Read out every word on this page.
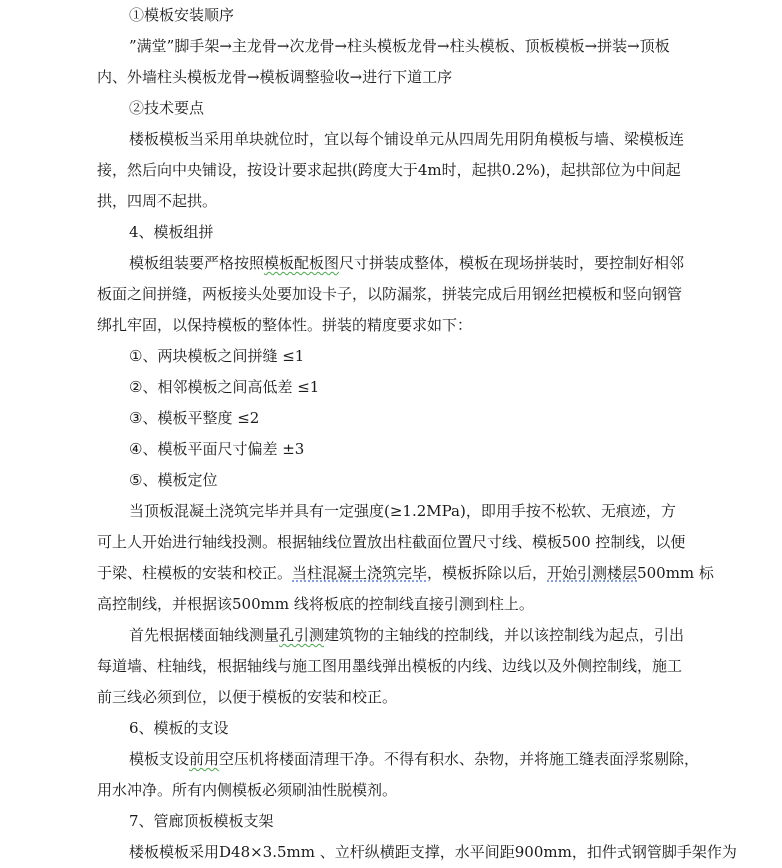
①模板安装顺序
”满堂”脚手架→主龙骨→次龙骨→柱头模板龙骨→柱头模板、顶板模板→拼装→顶板
内、外墙柱头模板龙骨→模板调整验收→进行下道工序
②技术要点
楼板模板当采用单块就位时，宜以每个铺设单元从四周先用阴角模板与墙、梁模板连
接，然后向中央铺设，按设计要求起拱(跨度大于4m时，起拱0.2%)，起拱部位为中间起
拱，四周不起拱。
4、模板组拼
模板组装要严格按照模板配板图尺寸拼装成整体，模板在现场拼装时，要控制好相邻
板面之间拼缝，两板接头处要加设卡子，以防漏浆，拼装完成后用钢丝把模板和竖向钢管
绑扎牢固，以保持模板的整体性。拼装的精度要求如下：
①、两块模板之间拼缝 ≤1
②、相邻模板之间高低差 ≤1
③、模板平整度 ≤2
④、模板平面尺寸偏差 ±3
⑤、模板定位
当顶板混凝土浇筑完毕并具有一定强度(≥1.2MPa)，即用手按不松软、无痕迹，方
可上人开始进行轴线投测。根据轴线位置放出柱截面位置尺寸线、模板500 控制线，以便
于梁、柱模板的安装和校正。当柱混凝土浇筑完毕，模板拆除以后，开始引测楼层500mm 标
高控制线，并根据该500mm 线将板底的控制线直接引测到柱上。
首先根据楼面轴线测量孔引测建筑物的主轴线的控制线，并以该控制线为起点，引出
每道墙、柱轴线，根据轴线与施工图用墨线弹出模板的内线、边线以及外侧控制线，施工
前三线必须到位，以便于模板的安装和校正。
6、模板的支设
模板支设前用空压机将楼面清理干净。不得有积水、杂物，并将施工缝表面浮浆剔除，
用水冲净。所有内侧模板必须刷油性脱模剂。
7、管廊顶板模板支架
楼板模板采用D48×3.5mm 、立杆纵横距支撑，水平间距900mm，扣件式钢管脚手架作为
